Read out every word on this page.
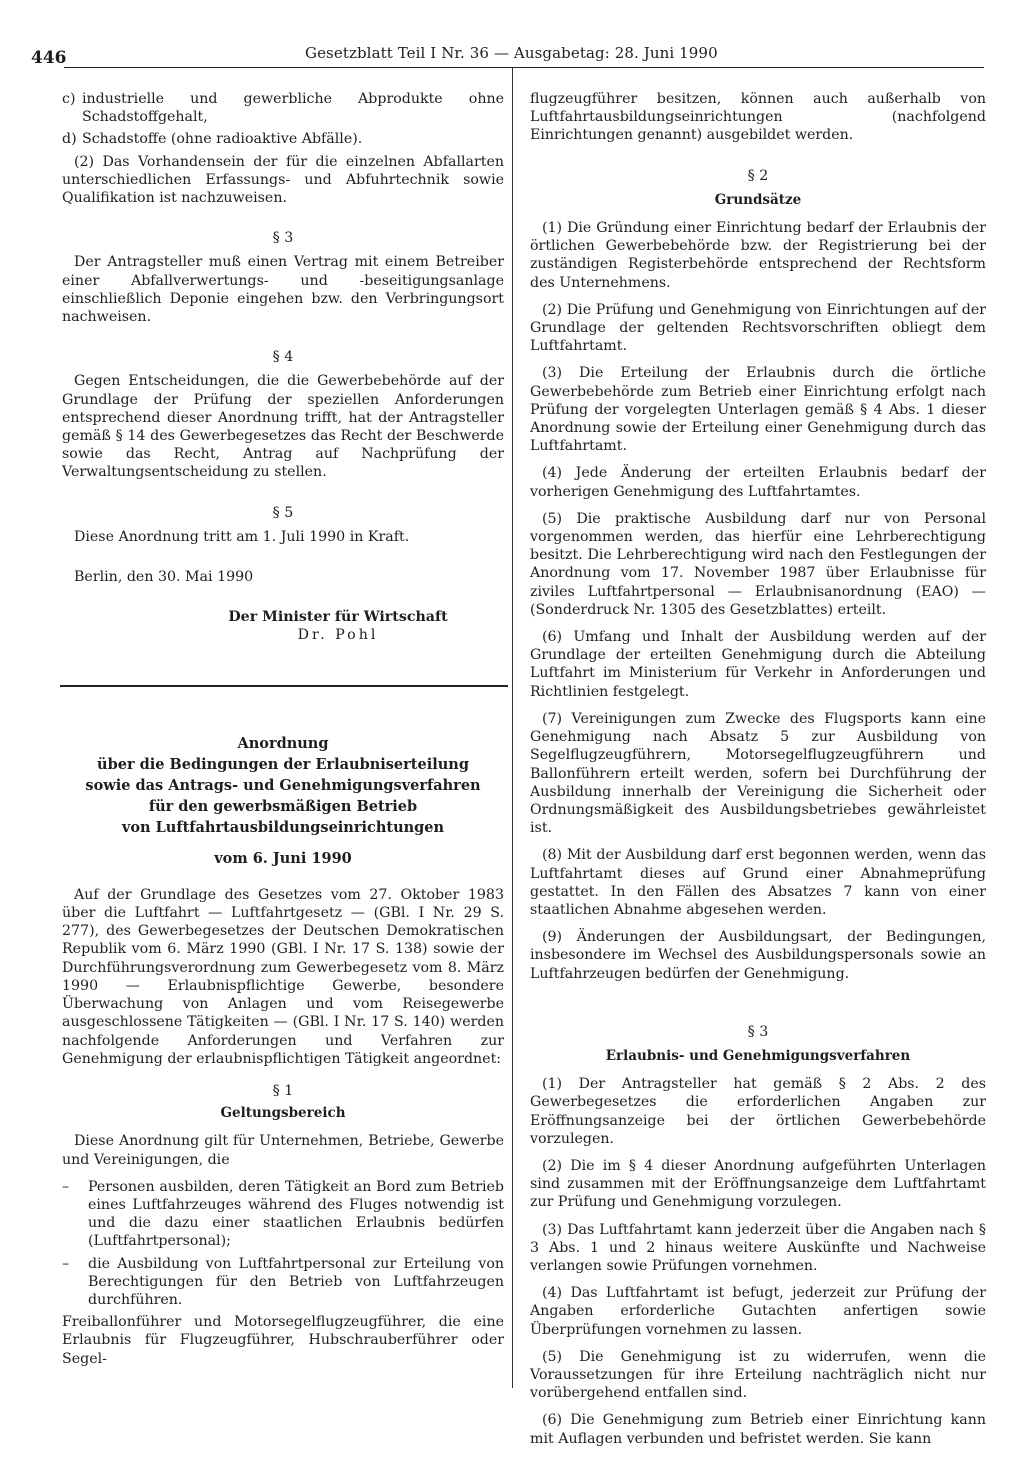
446	Gesetzblatt Teil I Nr. 36 — Ausgabetag: 28. Juni 1990
c) industrielle und gewerbliche Abprodukte ohne Schadstoffgehalt,
d) Schadstoffe (ohne radioaktive Abfälle).

(2) Das Vorhandensein der für die einzelnen Abfallarten unterschiedlichen Erfassungs- und Abfuhrtechnik sowie Qualifikation ist nachzuweisen.

§ 3

Der Antragsteller muß einen Vertrag mit einem Betreiber einer Abfallverwertungs- und -beseitigungsanlage einschließlich Deponie eingehen bzw. den Verbringungsort nachweisen.

§ 4

Gegen Entscheidungen, die die Gewerbebehörde auf der Grundlage der Prüfung der speziellen Anforderungen entsprechend dieser Anordnung trifft, hat der Antragsteller gemäß § 14 des Gewerbegesetzes das Recht der Beschwerde sowie das Recht, Antrag auf Nachprüfung der Verwaltungsentscheidung zu stellen.

§ 5

Diese Anordnung tritt am 1. Juli 1990 in Kraft.

Berlin, den 30. Mai 1990

Der Minister für Wirtschaft
Dr. Pohl
Anordnung
über die Bedingungen der Erlaubniserteilung
sowie das Antrags- und Genehmigungsverfahren
für den gewerbsmäßigen Betrieb
von Luftfahrtausbildungseinrichtungen
vom 6. Juni 1990

Auf der Grundlage des Gesetzes vom 27. Oktober 1983 über die Luftfahrt — Luftfahrtgesetz — (GBl. I Nr. 29 S. 277), des Gewerbegesetzes der Deutschen Demokratischen Republik vom 6. März 1990 (GBl. I Nr. 17 S. 138) sowie der Durchführungsverordnung zum Gewerbegesetz vom 8. März 1990 — Erlaubnispflichtige Gewerbe, besondere Überwachung von Anlagen und vom Reisegewerbe ausgeschlossene Tätigkeiten — (GBl. I Nr. 17 S. 140) werden nachfolgende Anforderungen und Verfahren zur Genehmigung der erlaubnispflichtigen Tätigkeit angeordnet:

§ 1
Geltungsbereich

Diese Anordnung gilt für Unternehmen, Betriebe, Gewerbe und Vereinigungen, die

–	Personen ausbilden, deren Tätigkeit an Bord zum Betrieb eines Luftfahrzeuges während des Fluges notwendig ist und die dazu einer staatlichen Erlaubnis bedürfen (Luftfahrtpersonal);
–	die Ausbildung von Luftfahrtpersonal zur Erteilung von Berechtigungen für den Betrieb von Luftfahrzeugen durchführen.

Freiballonführer und Motorsegelflugzeugführer, die eine Erlaubnis für Flugzeugführer, Hubschrauberführer oder Segel-

flugzeugführer besitzen, können auch außerhalb von Luftfahrtausbildungseinrichtungen (nachfolgend Einrichtungen genannt) ausgebildet werden.

§ 2
Grundsätze

(1) Die Gründung einer Einrichtung bedarf der Erlaubnis der örtlichen Gewerbebehörde bzw. der Registrierung bei der zuständigen Registerbehörde entsprechend der Rechtsform des Unternehmens.

(2) Die Prüfung und Genehmigung von Einrichtungen auf der Grundlage der geltenden Rechtsvorschriften obliegt dem Luftfahrtamt.

(3) Die Erteilung der Erlaubnis durch die örtliche Gewerbebehörde zum Betrieb einer Einrichtung erfolgt nach Prüfung der vorgelegten Unterlagen gemäß § 4 Abs. 1 dieser Anordnung sowie der Erteilung einer Genehmigung durch das Luftfahrtamt.

(4) Jede Änderung der erteilten Erlaubnis bedarf der vorherigen Genehmigung des Luftfahrtamtes.

(5) Die praktische Ausbildung darf nur von Personal vorgenommen werden, das hierfür eine Lehrberechtigung besitzt. Die Lehrberechtigung wird nach den Festlegungen der Anordnung vom 17. November 1987 über Erlaubnisse für ziviles Luftfahrtpersonal — Erlaubnisanordnung (EAO) — (Sonderdruck Nr. 1305 des Gesetzblattes) erteilt.

(6) Umfang und Inhalt der Ausbildung werden auf der Grundlage der erteilten Genehmigung durch die Abteilung Luftfahrt im Ministerium für Verkehr in Anforderungen und Richtlinien festgelegt.

(7) Vereinigungen zum Zwecke des Flugsports kann eine Genehmigung nach Absatz 5 zur Ausbildung von Segelflugzeugführern, Motorsegelflugzeugführern und Ballonführern erteilt werden, sofern bei Durchführung der Ausbildung innerhalb der Vereinigung die Sicherheit oder Ordnungsmäßigkeit des Ausbildungsbetriebes gewährleistet ist.

(8) Mit der Ausbildung darf erst begonnen werden, wenn das Luftfahrtamt dieses auf Grund einer Abnahmeprüfung gestattet. In den Fällen des Absatzes 7 kann von einer staatlichen Abnahme abgesehen werden.

(9) Änderungen der Ausbildungsart, der Bedingungen, insbesondere im Wechsel des Ausbildungspersonals sowie an Luftfahrzeugen bedürfen der Genehmigung.

§ 3
Erlaubnis- und Genehmigungsverfahren

(1) Der Antragsteller hat gemäß § 2 Abs. 2 des Gewerbegesetzes die erforderlichen Angaben zur Eröffnungsanzeige bei der örtlichen Gewerbebehörde vorzulegen.

(2) Die im § 4 dieser Anordnung aufgeführten Unterlagen sind zusammen mit der Eröffnungsanzeige dem Luftfahrtamt zur Prüfung und Genehmigung vorzulegen.

(3) Das Luftfahrtamt kann jederzeit über die Angaben nach § 3 Abs. 1 und 2 hinaus weitere Auskünfte und Nachweise verlangen sowie Prüfungen vornehmen.

(4) Das Luftfahrtamt ist befugt, jederzeit zur Prüfung der Angaben erforderliche Gutachten anfertigen sowie Überprüfungen vornehmen zu lassen.

(5) Die Genehmigung ist zu widerrufen, wenn die Voraussetzungen für ihre Erteilung nachträglich nicht nur vorübergehend entfallen sind.

(6) Die Genehmigung zum Betrieb einer Einrichtung kann mit Auflagen verbunden und befristet werden. Sie kann
